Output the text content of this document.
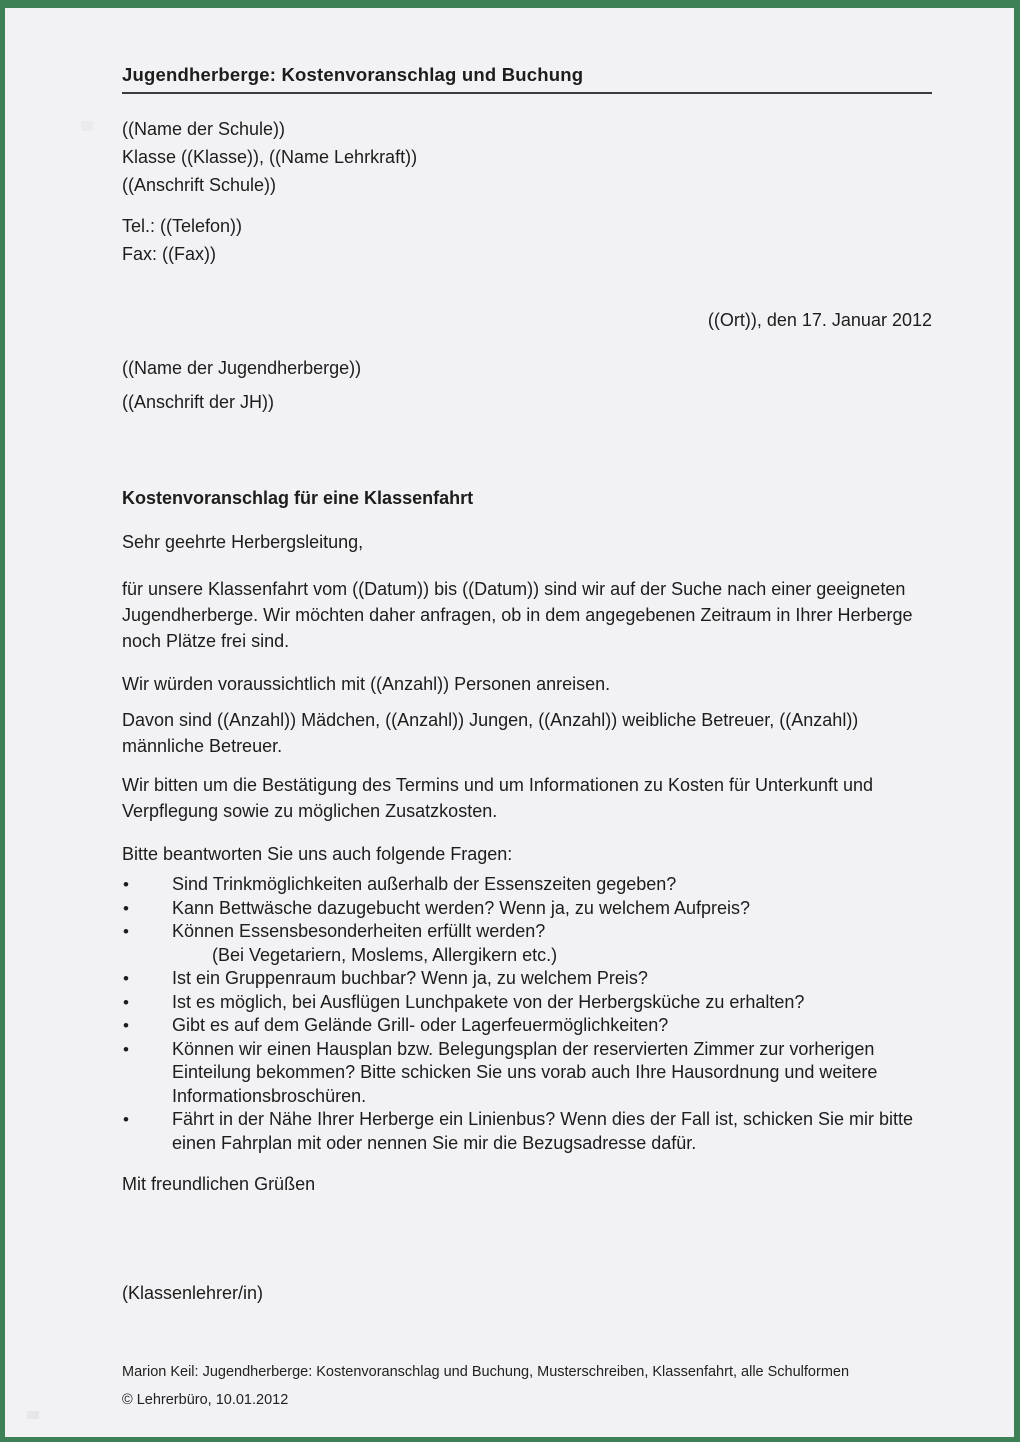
Jugendherberge: Kostenvoranschlag und Buchung
((Name der Schule))
Klasse ((Klasse)), ((Name Lehrkraft))
((Anschrift Schule))
Tel.: ((Telefon))
Fax: ((Fax))
((Ort)), den 17. Januar 2012
((Name der Jugendherberge))
((Anschrift der JH))
Kostenvoranschlag für eine Klassenfahrt

Sehr geehrte Herbergsleitung,

für unsere Klassenfahrt vom ((Datum)) bis ((Datum)) sind wir auf der Suche nach einer geeigneten Jugendherberge. Wir möchten daher anfragen, ob in dem angegebenen Zeitraum in Ihrer Herberge noch Plätze frei sind.

Wir würden voraussichtlich mit ((Anzahl)) Personen anreisen.

Davon sind ((Anzahl)) Mädchen, ((Anzahl)) Jungen, ((Anzahl)) weibliche Betreuer, ((Anzahl)) männliche Betreuer.

Wir bitten um die Bestätigung des Termins und um Informationen zu Kosten für Unterkunft und Verpflegung sowie zu möglichen Zusatzkosten.

Bitte beantworten Sie uns auch folgende Fragen:

• Sind Trinkmöglichkeiten außerhalb der Essenszeiten gegeben?
• Kann Bettwäsche dazugebucht werden? Wenn ja, zu welchem Aufpreis?
• Können Essensbesonderheiten erfüllt werden?
(Bei Vegetariern, Moslems, Allergikern etc.)
• Ist ein Gruppenraum buchbar? Wenn ja, zu welchem Preis?
• Ist es möglich, bei Ausflügen Lunchpakete von der Herbergsküche zu erhalten?
• Gibt es auf dem Gelände Grill- oder Lagerfeuermöglichkeiten?
• Können wir einen Hausplan bzw. Belegungsplan der reservierten Zimmer zur vorherigen Einteilung bekommen? Bitte schicken Sie uns vorab auch Ihre Hausordnung und weitere Informationsbroschüren.
• Fährt in der Nähe Ihrer Herberge ein Linienbus? Wenn dies der Fall ist, schicken Sie mir bitte einen Fahrplan mit oder nennen Sie mir die Bezugsadresse dafür.

Mit freundlichen Grüßen

(Klassenlehrer/in)

Marion Keil: Jugendherberge: Kostenvoranschlag und Buchung, Musterschreiben, Klassenfahrt, alle Schulformen
© Lehrerbüro, 10.01.2012
